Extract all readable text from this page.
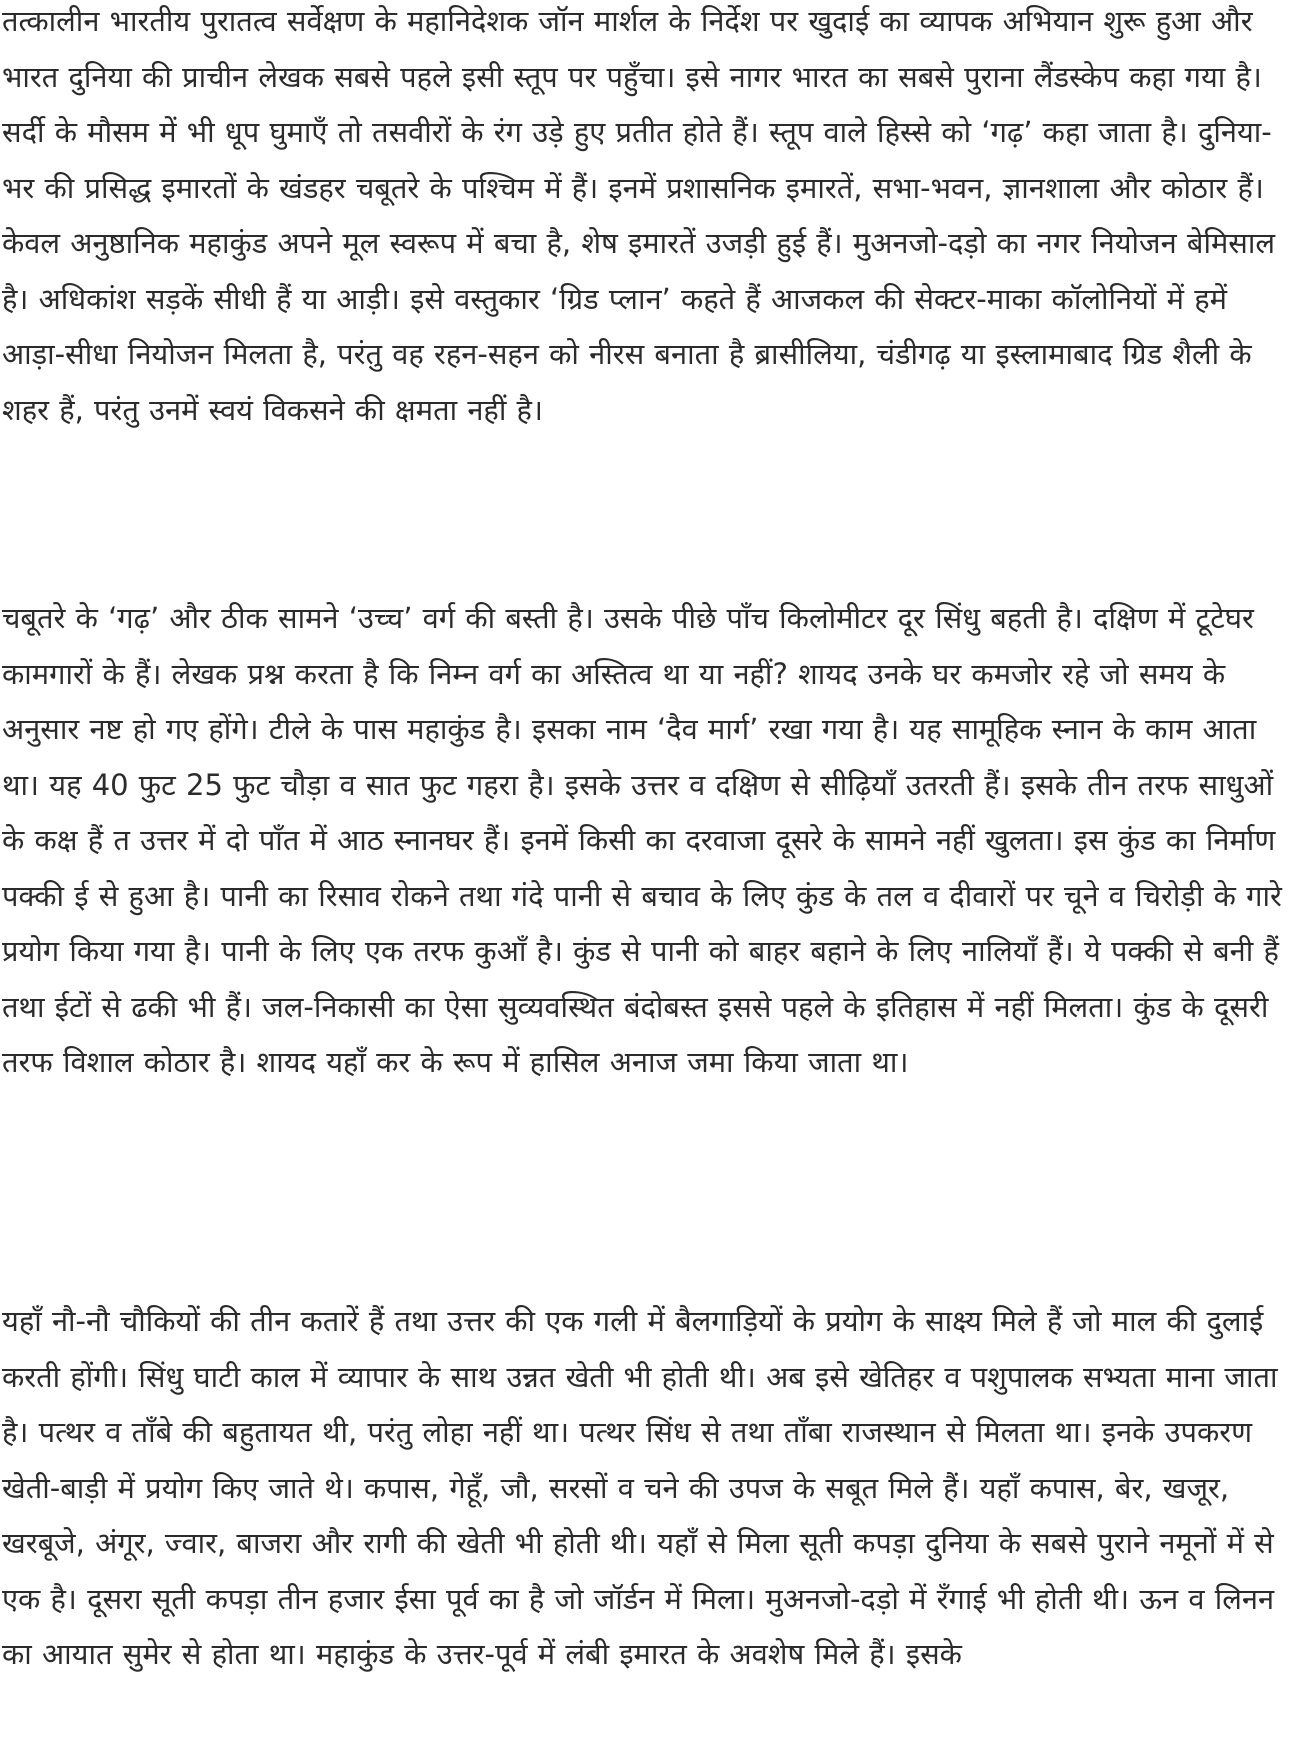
तत्कालीन भारतीय पुरातत्व सर्वेक्षण के महानिदेशक जॉन मार्शल के निर्देश पर खुदाई का व्यापक अभियान शुरू हुआ और भारत दुनिया की प्राचीन लेखक सबसे पहले इसी स्तूप पर पहुँचा। इसे नागर भारत का सबसे पुराना लैंडस्केप कहा गया है। सर्दी के मौसम में भी धूप घुमाएँ तो तसवीरों के रंग उड़े हुए प्रतीत होते हैं। स्तूप वाले हिस्से को ‘गढ़’ कहा जाता है। दुनिया-भर की प्रसिद्ध इमारतों के खंडहर चबूतरे के पश्चिम में हैं। इनमें प्रशासनिक इमारतें, सभा-भवन, ज्ञानशाला और कोठार हैं। केवल अनुष्ठानिक महाकुंड अपने मूल स्वरूप में बचा है, शेष इमारतें उजड़ी हुई हैं। मुअनजो-दड़ो का नगर नियोजन बेमिसाल है। अधिकांश सड़कें सीधी हैं या आड़ी। इसे वस्तुकार ‘ग्रिड प्लान’ कहते हैं आजकल की सेक्टर-माका कॉलोनियों में हमें आड़ा-सीधा नियोजन मिलता है, परंतु वह रहन-सहन को नीरस बनाता है ब्रासीलिया, चंडीगढ़ या इस्लामाबाद ग्रिड शैली के शहर हैं, परंतु उनमें स्वयं विकसने की क्षमता नहीं है।

चबूतरे के ‘गढ़’ और ठीक सामने ‘उच्च’ वर्ग की बस्ती है। उसके पीछे पाँच किलोमीटर दूर सिंधु बहती है। दक्षिण में टूटेघर कामगारों के हैं। लेखक प्रश्न करता है कि निम्न वर्ग का अस्तित्व था या नहीं? शायद उनके घर कमजोर रहे जो समय के अनुसार नष्ट हो गए होंगे। टीले के पास महाकुंड है। इसका नाम ‘दैव मार्ग’ रखा गया है। यह सामूहिक स्नान के काम आता था। यह 40 फुट 25 फुट चौड़ा व सात फुट गहरा है। इसके उत्तर व दक्षिण से सीढ़ियाँ उतरती हैं। इसके तीन तरफ साधुओं के कक्ष हैं त उत्तर में दो पाँत में आठ स्नानघर हैं। इनमें किसी का दरवाजा दूसरे के सामने नहीं खुलता। इस कुंड का निर्माण पक्की ई से हुआ है। पानी का रिसाव रोकने तथा गंदे पानी से बचाव के लिए कुंड के तल व दीवारों पर चूने व चिरोड़ी के गारे प्रयोग किया गया है। पानी के लिए एक तरफ कुआँ है। कुंड से पानी को बाहर बहाने के लिए नालियाँ हैं। ये पक्की से बनी हैं तथा ईटों से ढकी भी हैं। जल-निकासी का ऐसा सुव्यवस्थित बंदोबस्त इससे पहले के इतिहास में नहीं मिलता। कुंड के दूसरी तरफ विशाल कोठार है। शायद यहाँ कर के रूप में हासिल अनाज जमा किया जाता था।

यहाँ नौ-नौ चौकियों की तीन कतारें हैं तथा उत्तर की एक गली में बैलगाड़ियों के प्रयोग के साक्ष्य मिले हैं जो माल की दुलाई करती होंगी। सिंधु घाटी काल में व्यापार के साथ उन्नत खेती भी होती थी। अब इसे खेतिहर व पशुपालक सभ्यता माना जाता है। पत्थर व ताँबे की बहुतायत थी, परंतु लोहा नहीं था। पत्थर सिंध से तथा ताँबा राजस्थान से मिलता था। इनके उपकरण खेती-बाड़ी में प्रयोग किए जाते थे। कपास, गेहूँ, जौ, सरसों व चने की उपज के सबूत मिले हैं। यहाँ कपास, बेर, खजूर, खरबूजे, अंगूर, ज्वार, बाजरा और रागी की खेती भी होती थी। यहाँ से मिला सूती कपड़ा दुनिया के सबसे पुराने नमूनों में से एक है। दूसरा सूती कपड़ा तीन हजार ईसा पूर्व का है जो जॉर्डन में मिला। मुअनजो-दड़ो में रँगाई भी होती थी। ऊन व लिनन का आयात सुमेर से होता था। महाकुंड के उत्तर-पूर्व में लंबी इमारत के अवशेष मिले हैं। इसके
